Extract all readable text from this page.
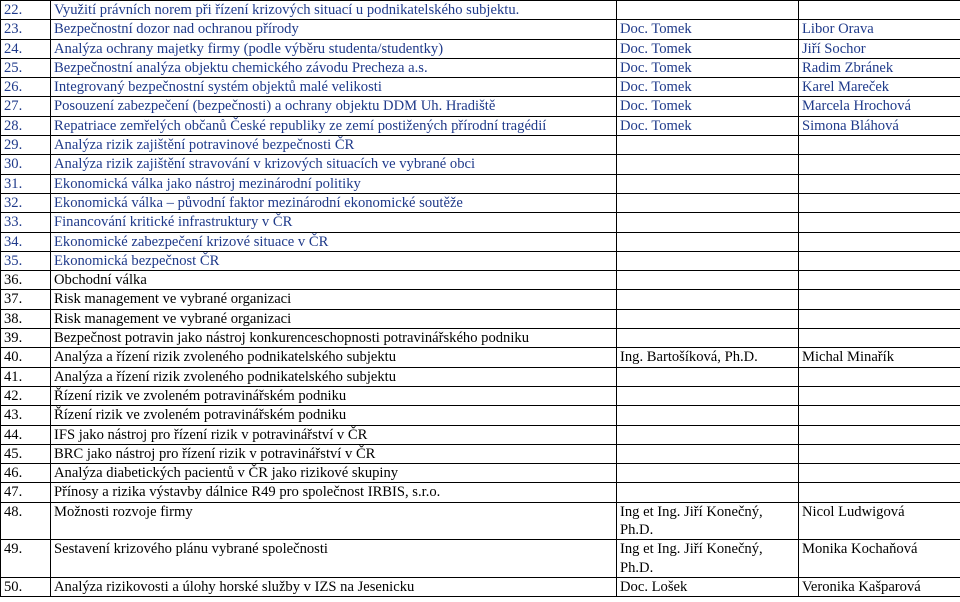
22.	Využití právních norem při řízení krizových situací u podnikatelského subjektu.		
23.	Bezpečnostní dozor nad ochranou přírody	Doc. Tomek	Libor Orava
24.	Analýza ochrany majetky firmy (podle výběru studenta/studentky)	Doc. Tomek	Jiří Sochor
25.	Bezpečnostní analýza objektu chemického závodu Precheza a.s.	Doc. Tomek	Radim Zbránek
26.	Integrovaný bezpečnostní systém objektů malé velikosti	Doc. Tomek	Karel Mareček
27.	Posouzení zabezpečení (bezpečnosti) a ochrany objektu DDM Uh. Hradiště	Doc. Tomek	Marcela Hrochová
28.	Repatriace zemřelých občanů České republiky ze zemí postižených přírodní tragédií	Doc. Tomek	Simona Bláhová
29.	Analýza rizik zajištění potravinové bezpečnosti ČR		
30.	Analýza rizik zajištění stravování v krizových situacích ve vybrané obci		
31.	Ekonomická válka jako nástroj mezinárodní politiky		
32.	Ekonomická válka – původní faktor mezinárodní ekonomické soutěže		
33.	Financování kritické infrastruktury v ČR		
34.	Ekonomické zabezpečení krizové situace v ČR		
35.	Ekonomická bezpečnost ČR		
36.	Obchodní válka		
37.	Risk management ve vybrané organizaci		
38.	Risk management ve vybrané organizaci		
39.	Bezpečnost potravin jako nástroj konkurenceschopnosti potravinářského podniku		
40.	Analýza a řízení rizik zvoleného podnikatelského subjektu	Ing. Bartošíková, Ph.D.	Michal Minařík
41.	Analýza a řízení rizik zvoleného podnikatelského subjektu		
42.	Řízení rizik ve zvoleném potravinářském podniku		
43.	Řízení rizik ve zvoleném potravinářském podniku		
44.	IFS jako nástroj pro řízení rizik v potravinářství v ČR		
45.	BRC jako nástroj pro řízení rizik v potravinářství v ČR		
46.	Analýza diabetických pacientů v ČR jako rizikové skupiny		
47.	Přínosy a rizika výstavby dálnice R49 pro společnost IRBIS, s.r.o.		
48.	Možnosti rozvoje firmy	Ing et Ing. Jiří Konečný, Ph.D.	Nicol Ludwigová
49.	Sestavení krizového plánu vybrané společnosti	Ing et Ing. Jiří Konečný, Ph.D.	Monika Kochaňová
50.	Analýza rizikovosti a úlohy horské služby v IZS na Jesenicku	Doc. Lošek	Veronika Kašparová
